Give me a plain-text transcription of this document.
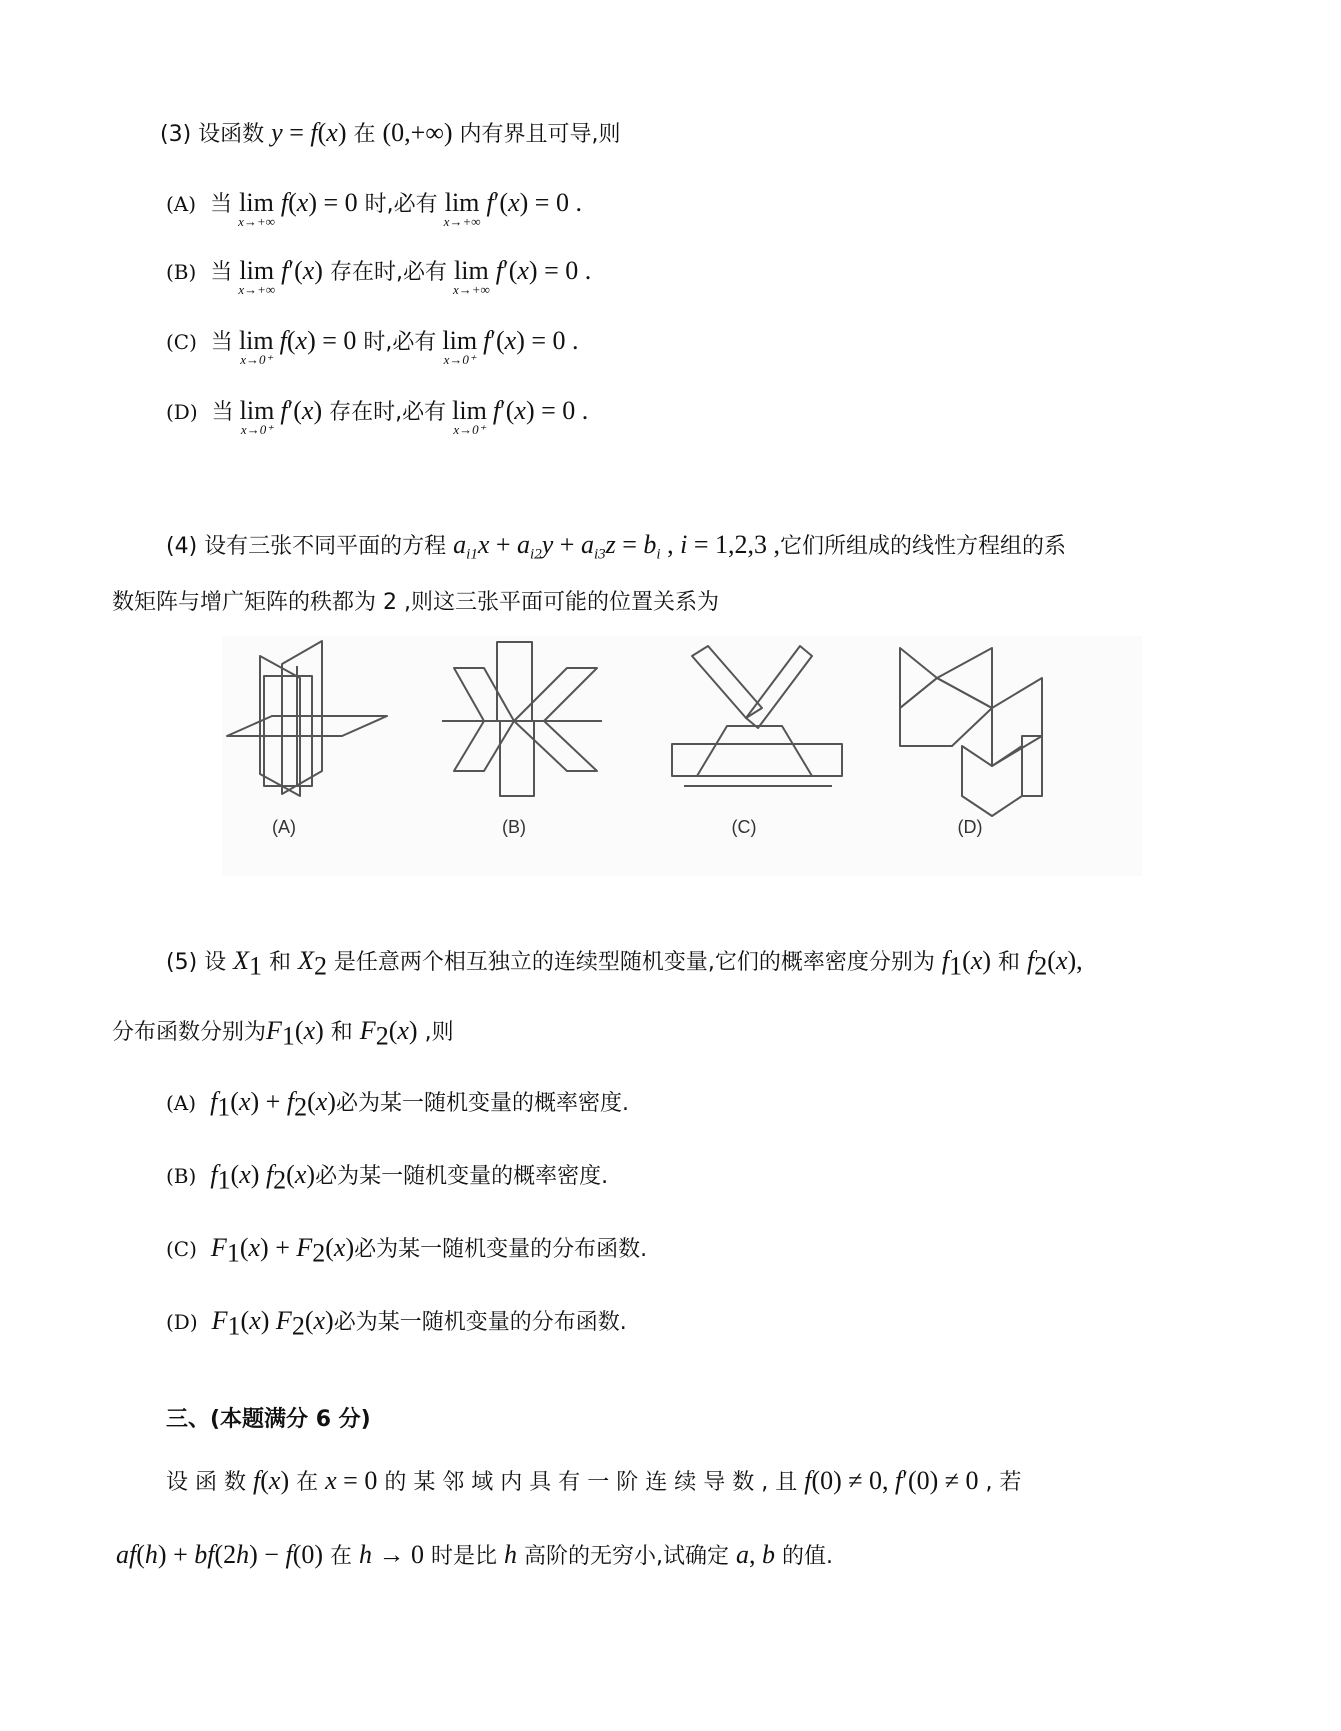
(3) 设函数 y = f(x) 在 (0,+∞) 内有界且可导,则
(A) 当 lim
x→+∞
f(x) = 0 时,必有 lim
x→+∞
f′(x) = 0 .
(B) 当 lim
x→+∞
f′(x) 存在时,必有 lim
x→+∞
f′(x) = 0 .
(C) 当 lim
x→0⁺
f(x) = 0 时,必有 lim
x→0⁺
f′(x) = 0 .
(D) 当 lim
x→0⁺
f′(x) 存在时,必有 lim
x→0⁺
f′(x) = 0 .
(4) 设有三张不同平面的方程 $a_{i1}x + a_{i2}y + a_{i3}z = b_i$ , i = 1,2,3 ,它们所组成的线性方程组的系
数矩阵与增广矩阵的秩都为 2 ,则这三张平面可能的位置关系为
(A)	(B)	(C)	(D)
(5) 设 $X_1$ 和 $X_2$ 是任意两个相互独立的连续型随机变量,它们的概率密度分别为 $f_1(x)$ 和 $f_2(x)$,
分布函数分别为$F_1(x)$ 和 $F_2(x)$ ,则
(A) $f_1(x) + f_2(x)$必为某一随机变量的概率密度.
(B) $f_1(x)$ $f_2(x)$必为某一随机变量的概率密度.
(C) $F_1(x) + F_2(x)$必为某一随机变量的分布函数.
(D) $F_1(x)$ $F_2(x)$必为某一随机变量的分布函数.
三、(本题满分 6 分)
设 函 数 f(x) 在 x = 0 的 某 邻 域 内 具 有 一 阶 连 续 导 数 , 且 f(0) ≠ 0, f′(0) ≠ 0 , 若
af(h) + bf(2h) − f(0) 在 h → 0 时是比 h 高阶的无穷小,试确定 a, b 的值.
